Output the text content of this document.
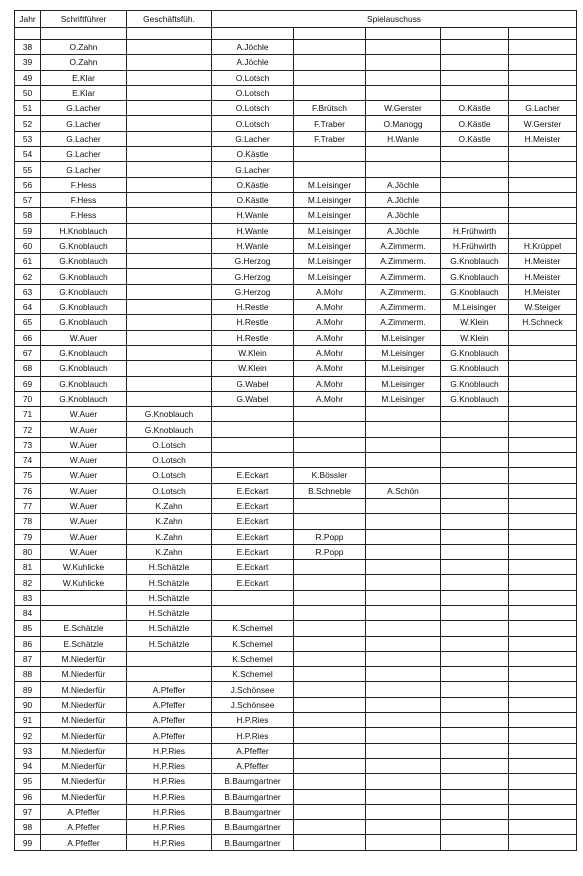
Jahr	Schriftführer	Geschäftsfüh.	Spielauschuss				

38	O.Zahn		A.Jöchle				
39	O.Zahn		A.Jöchle				
49	E.Klar		O.Lotsch				
50	E.Klar		O.Lotsch				
51	G.Lacher		O.Lotsch	F.Brütsch	W.Gerster	O.Kästle	G.Lacher
52	G.Lacher		O.Lotsch	F.Traber	O.Manogg	O.Kästle	W.Gerster
53	G.Lacher		G.Lacher	F.Traber	H.Wanle	O.Kästle	H.Meister
54	G.Lacher		O.Kästle				
55	G.Lacher		G.Lacher				
56	F.Hess		O.Kästle	M.Leisinger	A.Jöchle		
57	F.Hess		O.Kästle	M.Leisinger	A.Jöchle		
58	F.Hess		H.Wanle	M.Leisinger	A.Jöchle		
59	H.Knoblauch		H.Wanle	M.Leisinger	A.Jöchle	H.Frühwirth	
60	G.Knoblauch		H.Wanle	M.Leisinger	A.Zimmerm.	H.Frühwirth	H.Krüppel
61	G.Knoblauch		G.Herzog	M.Leisinger	A.Zimmerm.	G.Knoblauch	H.Meister
62	G.Knoblauch		G.Herzog	M.Leisinger	A.Zimmerm.	G.Knoblauch	H.Meister
63	G.Knoblauch		G.Herzog	A.Mohr	A.Zimmerm.	G.Knoblauch	H.Meister
64	G.Knoblauch		H.Restle	A.Mohr	A.Zimmerm.	M.Leisinger	W.Steiger
65	G.Knoblauch		H.Restle	A.Mohr	A.Zimmerm.	W.Klein	H.Schneck
66	W.Auer		H.Restle	A.Mohr	M.Leisinger	W.Klein	
67	G.Knoblauch		W.Klein	A.Mohr	M.Leisinger	G.Knoblauch	
68	G.Knoblauch		W.Klein	A.Mohr	M.Leisinger	G.Knoblauch	
69	G.Knoblauch		G.Wabel	A.Mohr	M.Leisinger	G.Knoblauch	
70	G.Knoblauch		G.Wabel	A.Mohr	M.Leisinger	G.Knoblauch	
71	W.Auer	G.Knoblauch					
72	W.Auer	G.Knoblauch					
73	W.Auer	O.Lotsch					
74	W.Auer	O.Lotsch					
75	W.Auer	O.Lotsch	E.Eckart	K.Bössler			
76	W.Auer	O.Lotsch	E.Eckart	B.Schneble	A.Schön		
77	W.Auer	K.Zahn	E.Eckart				
78	W.Auer	K.Zahn	E.Eckart				
79	W.Auer	K.Zahn	E.Eckart	R.Popp			
80	W.Auer	K.Zahn	E.Eckart	R.Popp			
81	W.Kuhlicke	H.Schätzle	E.Eckart				
82	W.Kuhlicke	H.Schätzle	E.Eckart				
83		H.Schätzle					
84		H.Schätzle					
85	E.Schätzle	H.Schätzle	K.Schemel				
86	E.Schätzle	H.Schätzle	K.Schemel				
87	M.Niederfür		K.Schemel				
88	M.Niederfür		K.Schemel				
89	M.Niederfür	A.Pfeffer	J.Schönsee				
90	M.Niederfür	A.Pfeffer	J.Schönsee				
91	M.Niederfür	A.Pfeffer	H.P.Ries				
92	M.Niederfür	A.Pfeffer	H.P.Ries				
93	M.Niederfür	H.P.Ries	A.Pfeffer				
94	M.Niederfür	H.P.Ries	A.Pfeffer				
95	M.Niederfür	H.P.Ries	B.Baumgartner				
96	M.Niederfür	H.P.Ries	B.Baumgartner				
97	A.Pfeffer	H.P.Ries	B.Baumgartner				
98	A.Pfeffer	H.P.Ries	B.Baumgartner				
99	A.Pfeffer	H.P.Ries	B.Baumgartner				
